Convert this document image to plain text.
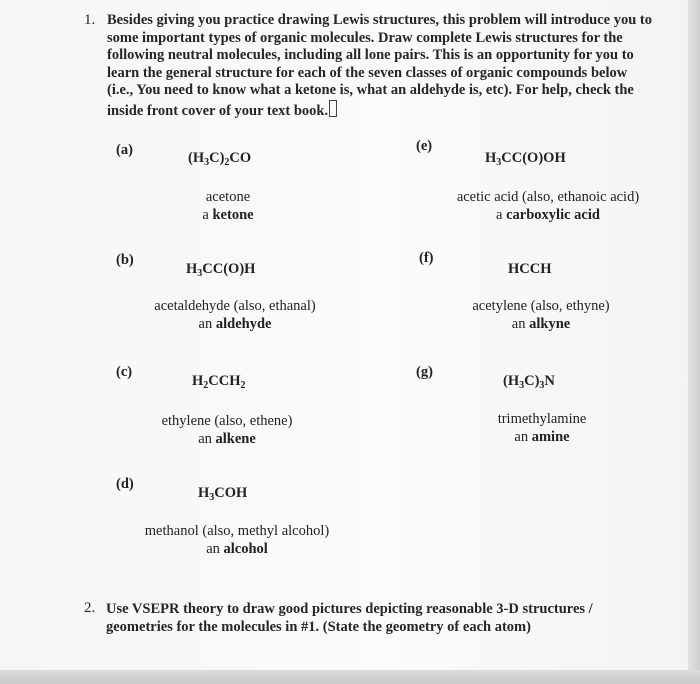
1. Besides giving you practice drawing Lewis structures, this problem will introduce you to some important types of organic molecules. Draw complete Lewis structures for the following neutral molecules, including all lone pairs. This is an opportunity for you to learn the general structure for each of the seven classes of organic compounds below (i.e., You need to know what a ketone is, what an aldehyde is, etc). For help, check the inside front cover of your text book.
(a)	$(H_3C)_2CO$
acetone
a ketone
(b)
$H_3CC(O)H$
acetaldehyde (also, ethanal)
an aldehyde
(c)
$H_2CCH_2$
ethylene (also, ethene)
an alkene
(d)
$H_3COH$
methanol (also, methyl alcohol)
an alcohol
(e)
$H_3CC(O)OH$
acetic acid (also, ethanoic acid)
a carboxylic acid
(f)
HCCH
acetylene (also, ethyne)
an alkyne
(g)
$(H_3C)_3N$
trimethylamine
an amine
2. Use VSEPR theory to draw good pictures depicting reasonable 3-D structures / geometries for the molecules in #1. (State the geometry of each atom)
